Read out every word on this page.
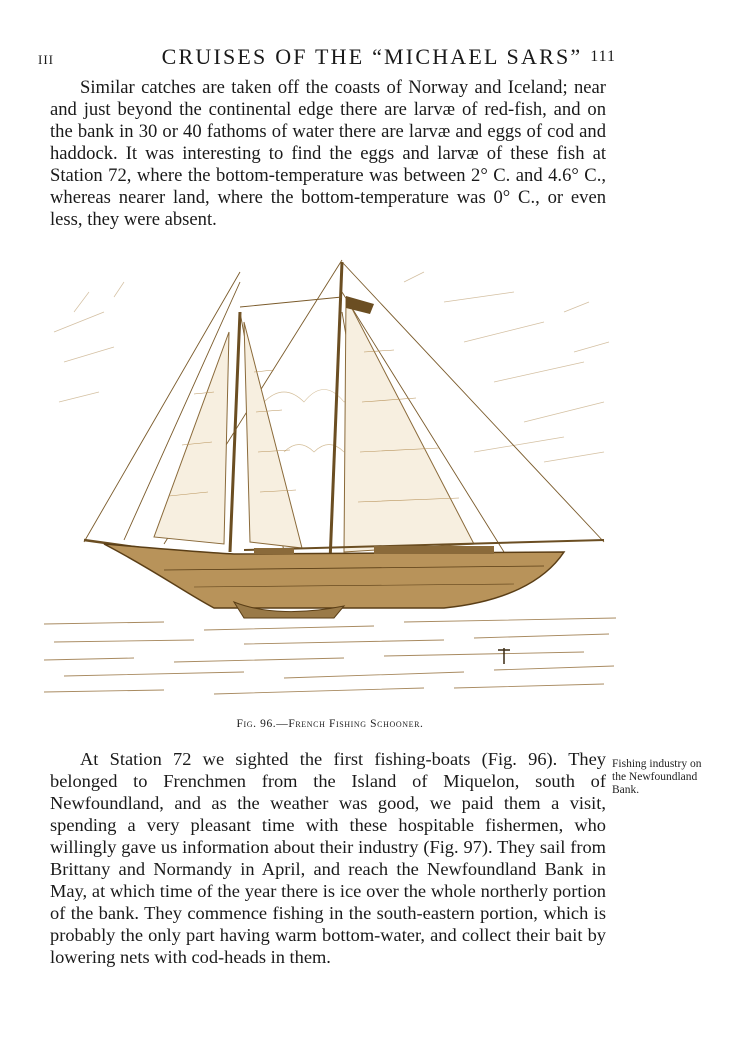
III	CRUISES OF THE “MICHAEL SARS” 111

Similar catches are taken off the coasts of Norway and Iceland; near and just beyond the continental edge there are larvæ of red-fish, and on the bank in 30 or 40 fathoms of water there are larvæ and eggs of cod and haddock. It was interesting to find the eggs and larvæ of these fish at Station 72, where the bottom-temperature was between 2° C. and 4.6° C., whereas nearer land, where the bottom-temperature was 0° C., or even less, they were absent.

Fig. 96.—French Fishing Schooner.

At Station 72 we sighted the first fishing-boats (Fig. 96). They belonged to Frenchmen from the Island of Miquelon, south of Newfoundland, and as the weather was good, we paid them a visit, spending a very pleasant time with these hospitable fishermen, who willingly gave us information about their industry (Fig. 97). They sail from Brittany and Normandy in April, and reach the Newfoundland Bank in May, at which time of the year there is ice over the whole northerly portion of the bank. They commence fishing in the south-eastern portion, which is probably the only part having warm bottom-water, and collect their bait by lowering nets with cod-heads in them.

Fishing industry on the Newfoundland Bank.
